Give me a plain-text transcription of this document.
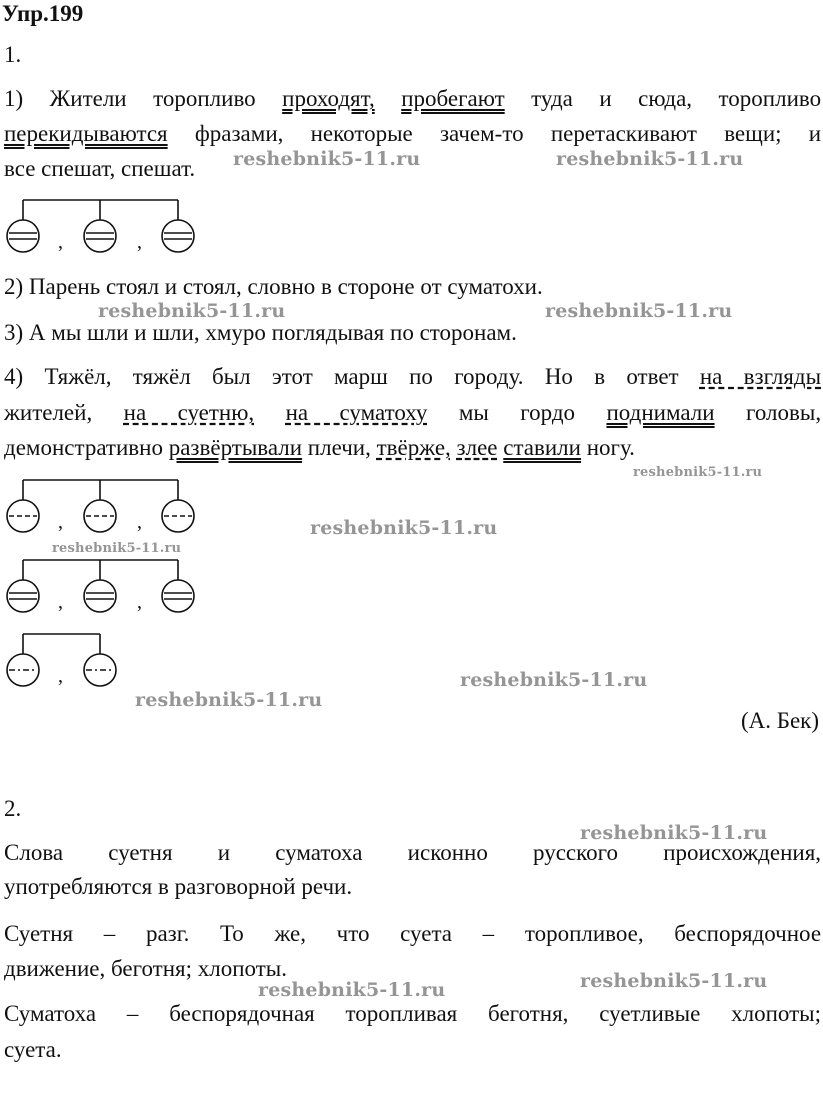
Упр.199
1.
1) Жители торопливо проходят, пробегают туда и сюда, торопливо
перекидываются фразами, некоторые зачем-то перетаскивают вещи; и
все спешат, спешат.
,	,
2) Парень стоял и стоял, словно в стороне от суматохи.
3) А мы шли и шли, хмуро поглядывая по сторонам.
4) Тяжёл, тяжёл был этот марш по городу. Но в ответ на взгляды
жителей, на суетню, на суматоху мы гордо поднимали головы,
демонстративно развёртывали плечи, твёрже, злее ставили ногу.
,	,
,	,
,
(А. Бек)
2.
Слова суетня и суматоха исконно русского происхождения,
употребляются в разговорной речи.
Суетня – разг. То же, что суета – торопливое, беспорядочное
движение, беготня; хлопоты.
Суматоха – беспорядочная торопливая беготня, суетливые хлопоты;
суета.
reshebnik5-11.ru	reshebnik5-11.ru
reshebnik5-11.ru	reshebnik5-11.ru
reshebnik5-11.ru
reshebnik5-11.ru
reshebnik5-11.ru
reshebnik5-11.ru
reshebnik5-11.ru
reshebnik5-11.ru
reshebnik5-11.ru
reshebnik5-11.ru
